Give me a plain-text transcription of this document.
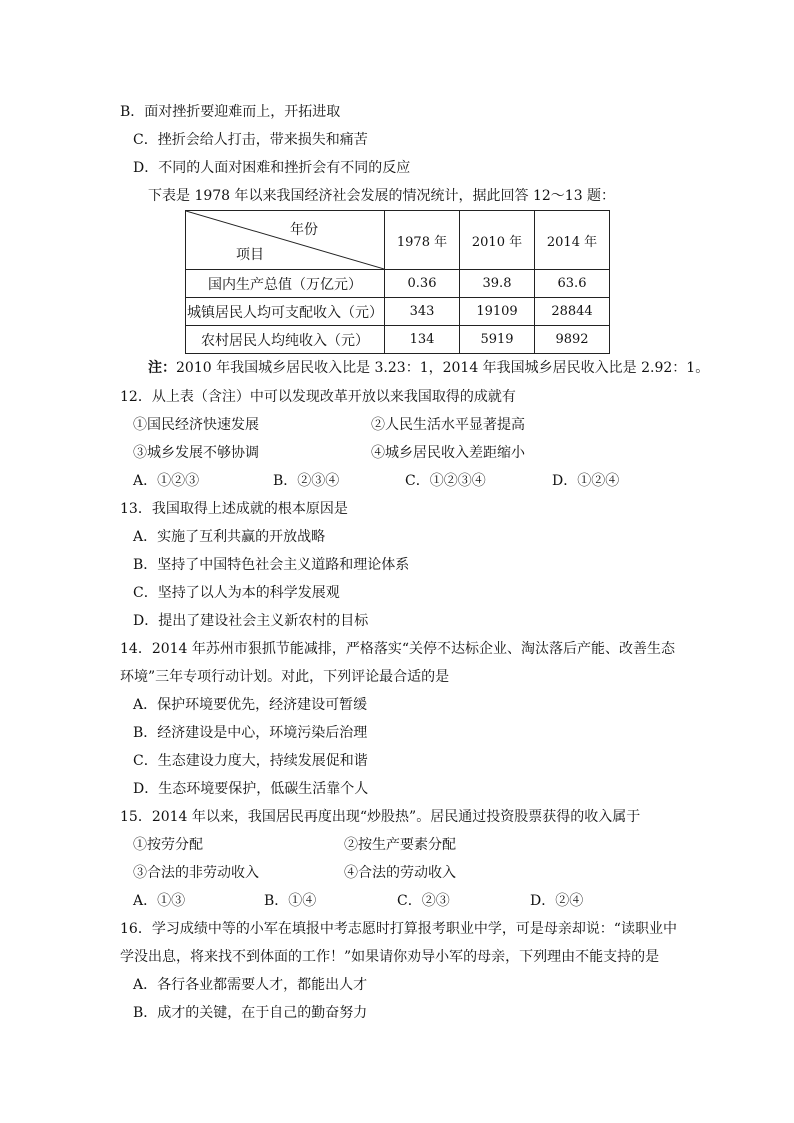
B．面对挫折要迎难而上，开拓进取

C．挫折会给人打击，带来损失和痛苦

D．不同的人面对困难和挫折会有不同的反应

下表是 1978 年以来我国经济社会发展的情况统计，据此回答 12～13 题：

年份
项目	1978 年	2010 年	2014 年
国内生产总值（万亿元）	0.36	39.8	63.6
城镇居民人均可支配收入（元）	343	19109	28844
农村居民人均纯收入（元）	134	5919	9892

注：2010 年我国城乡居民收入比是 3.23：1，2014 年我国城乡居民收入比是 2.92：1。

12．从上表（含注）中可以发现改革开放以来我国取得的成就有

①国民经济快速发展	②人民生活水平显著提高
③城乡发展不够协调	④城乡居民收入差距缩小
A．①②③	B．②③④	C．①②③④	D．①②④

13．我国取得上述成就的根本原因是

A．实施了互利共赢的开放战略

B．坚持了中国特色社会主义道路和理论体系

C．坚持了以人为本的科学发展观

D．提出了建设社会主义新农村的目标

14．2014 年苏州市狠抓节能减排，严格落实“关停不达标企业、淘汰落后产能、改善生态

环境”三年专项行动计划。对此，下列评论最合适的是

A．保护环境要优先，经济建设可暂缓

B．经济建设是中心，环境污染后治理

C．生态建设力度大，持续发展促和谐

D．生态环境要保护，低碳生活靠个人

15．2014 年以来，我国居民再度出现“炒股热”。居民通过投资股票获得的收入属于

①按劳分配	②按生产要素分配
③合法的非劳动收入	④合法的劳动收入
A．①③	B．①④	C．②③	D．②④

16．学习成绩中等的小军在填报中考志愿时打算报考职业中学，可是母亲却说：“读职业中

学没出息，将来找不到体面的工作！”如果请你劝导小军的母亲，下列理由不能支持的是

A．各行各业都需要人才，都能出人才

B．成才的关键，在于自己的勤奋努力
